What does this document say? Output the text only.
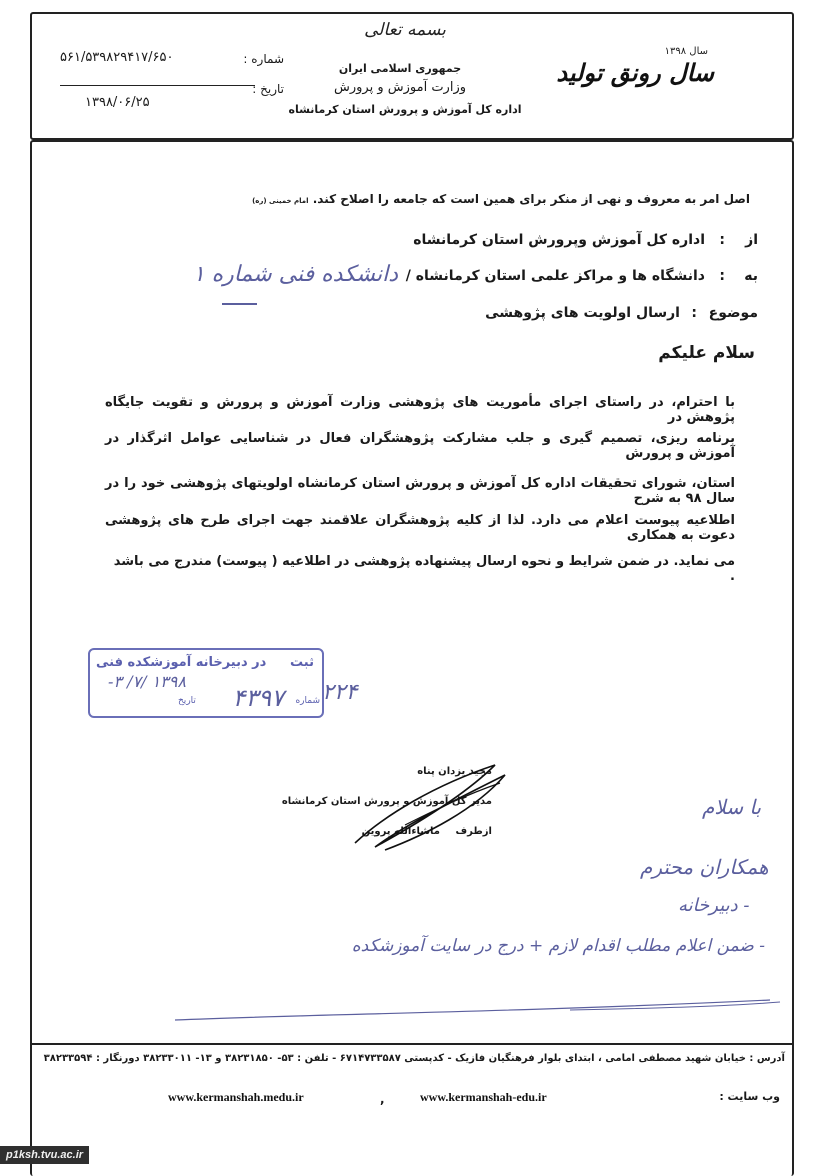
سال ۱۳۹۸
سال رونق تولید
شماره :
۵۶۱/۵۳۹۸۲۹۴۱۷/۶۵۰
تاریخ :
۱۳۹۸/۰۶/۲۵
بسمه تعالی
جمهوری اسلامی ایران
وزارت آموزش و پرورش
اداره کل آموزش و پرورش استان کرمانشاه
اصل امر به معروف و نهی از منکر برای همین است که جامعه را اصلاح کند. امام خمینی (ره)
از
:
اداره کل آموزش وپرورش استان کرمانشاه
به
:
دانشگاه ها و مراکز علمی استان کرمانشاه /
دانشکده فنی شماره ۱
موضوع
:
ارسال اولویت های پژوهشی
سلام علیکم
با احترام، در راستای اجرای مأموریت های پژوهشی وزارت آموزش و پرورش و تقویت جایگاه پژوهش در
برنامه ریزی، تصمیم گیری و جلب مشارکت پژوهشگران فعال در شناسایی عوامل اثرگذار در آموزش و پرورش
استان، شورای تحقیقات اداره کل آموزش و پرورش استان کرمانشاه اولویتهای پژوهشی خود را در سال ۹۸ به شرح
اطلاعیه پیوست اعلام می دارد. لذا از کلیه پژوهشگران علاقمند جهت اجرای طرح های پژوهشی دعوت به همکاری
می نماید. در ضمن شرایط و نحوه ارسال پیشنهاده پژوهشی در اطلاعیه ( پیوست) مندرج می باشد .
ثبت
در دبیرخانه آموزشکده فنی
۱۳۹۸ /۷/ ۳-
شماره
۴۳۹۷
تاریخ	۲۲۴
مجید یزدان پناه
مدیر کل آموزش و پرورش استان کرمانشاه
ازطرف
ماشاءالله پروین
با سلام
همکاران محترم
- دبیرخانه
- ضمن اعلام مطلب اقدام لازم + درج در سایت آموزشکده
آدرس : خیابان شهید مصطفی امامی ، ابتدای بلوار فرهنگیان فازیک - کدپستی ۶۷۱۴۷۳۳۵۸۷ - تلفن : ۵۳- ۳۸۲۳۱۸۵۰ و ۱۳- ۳۸۲۳۳۰۱۱ دورنگار : ۳۸۲۳۳۵۹۴
وب سایت :
www.kermanshah-edu.ir
,
www.kermanshah.medu.ir
p1ksh.tvu.ac.ir
